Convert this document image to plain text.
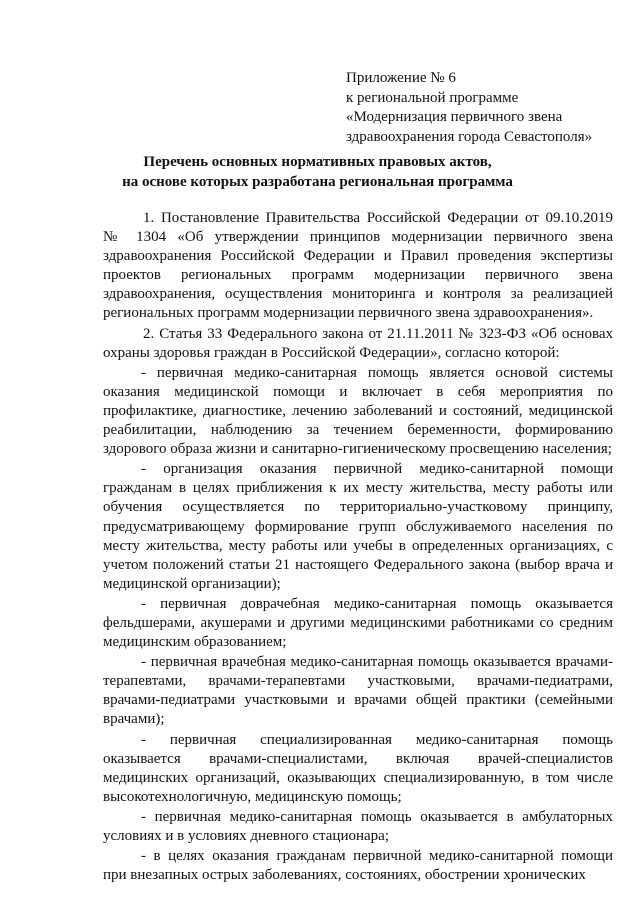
Приложение № 6
к региональной программе
«Модернизация первичного звена
здравоохранения города Севастополя»
Перечень основных нормативных правовых актов,
на основе которых разработана региональная программа

1. Постановление Правительства Российской Федерации от 09.10.2019 № 1304 «Об утверждении принципов модернизации первичного звена здравоохранения Российской Федерации и Правил проведения экспертизы проектов региональных программ модернизации первичного звена здравоохранения, осуществления мониторинга и контроля за реализацией региональных программ модернизации первичного звена здравоохранения».

2. Статья 33 Федерального закона от 21.11.2011 № 323-ФЗ «Об основах охраны здоровья граждан в Российской Федерации», согласно которой:

- первичная медико-санитарная помощь является основой системы оказания медицинской помощи и включает в себя мероприятия по профилактике, диагностике, лечению заболеваний и состояний, медицинской реабилитации, наблюдению за течением беременности, формированию здорового образа жизни и санитарно-гигиеническому просвещению населения;

- организация оказания первичной медико-санитарной помощи гражданам в целях приближения к их месту жительства, месту работы или обучения осуществляется по территориально-участковому принципу, предусматривающему формирование групп обслуживаемого населения по месту жительства, месту работы или учебы в определенных организациях, с учетом положений статьи 21 настоящего Федерального закона (выбор врача и медицинской организации);

- первичная доврачебная медико-санитарная помощь оказывается фельдшерами, акушерами и другими медицинскими работниками со средним медицинским образованием;

- первичная врачебная медико-санитарная помощь оказывается врачами-терапевтами, врачами-терапевтами участковыми, врачами-педиатрами, врачами-педиатрами участковыми и врачами общей практики (семейными врачами);

- первичная специализированная медико-санитарная помощь оказывается врачами-специалистами, включая врачей-специалистов медицинских организаций, оказывающих специализированную, в том числе высокотехнологичную, медицинскую помощь;

- первичная медико-санитарная помощь оказывается в амбулаторных условиях и в условиях дневного стационара;

- в целях оказания гражданам первичной медико-санитарной помощи при внезапных острых заболеваниях, состояниях, обострении хронических
